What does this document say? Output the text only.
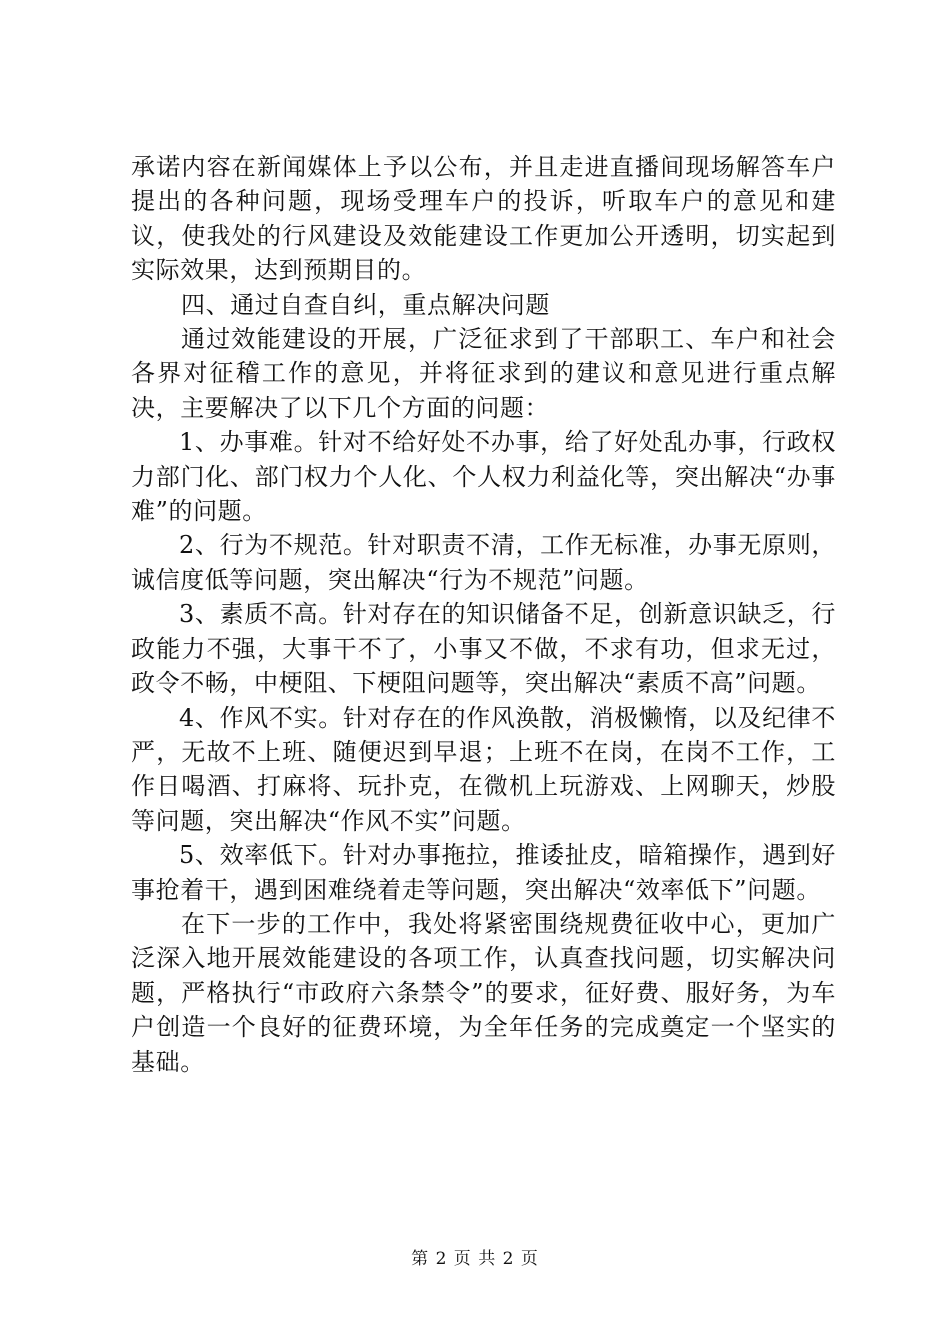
承诺内容在新闻媒体上予以公布，并且走进直播间现场解答车户提出的各种问题，现场受理车户的投诉，听取车户的意见和建议，使我处的行风建设及效能建设工作更加公开透明，切实起到实际效果，达到预期目的。

四、通过自查自纠，重点解决问题

通过效能建设的开展，广泛征求到了干部职工、车户和社会各界对征稽工作的意见，并将征求到的建议和意见进行重点解决，主要解决了以下几个方面的问题：

1、办事难。针对不给好处不办事，给了好处乱办事，行政权力部门化、部门权力个人化、个人权力利益化等，突出解决“办事难”的问题。

2、行为不规范。针对职责不清，工作无标准，办事无原则，诚信度低等问题，突出解决“行为不规范”问题。

3、素质不高。针对存在的知识储备不足，创新意识缺乏，行政能力不强，大事干不了，小事又不做，不求有功，但求无过，政令不畅，中梗阻、下梗阻问题等，突出解决“素质不高”问题。

4、作风不实。针对存在的作风涣散，消极懒惰，以及纪律不严，无故不上班、随便迟到早退；上班不在岗，在岗不工作，工作日喝酒、打麻将、玩扑克，在微机上玩游戏、上网聊天，炒股等问题，突出解决“作风不实”问题。

5、效率低下。针对办事拖拉，推诿扯皮，暗箱操作，遇到好事抢着干，遇到困难绕着走等问题，突出解决“效率低下”问题。

在下一步的工作中，我处将紧密围绕规费征收中心，更加广泛深入地开展效能建设的各项工作，认真查找问题，切实解决问题，严格执行“市政府六条禁令”的要求，征好费、服好务，为车户创造一个良好的征费环境，为全年任务的完成奠定一个坚实的基础。

第 2 页 共 2 页
